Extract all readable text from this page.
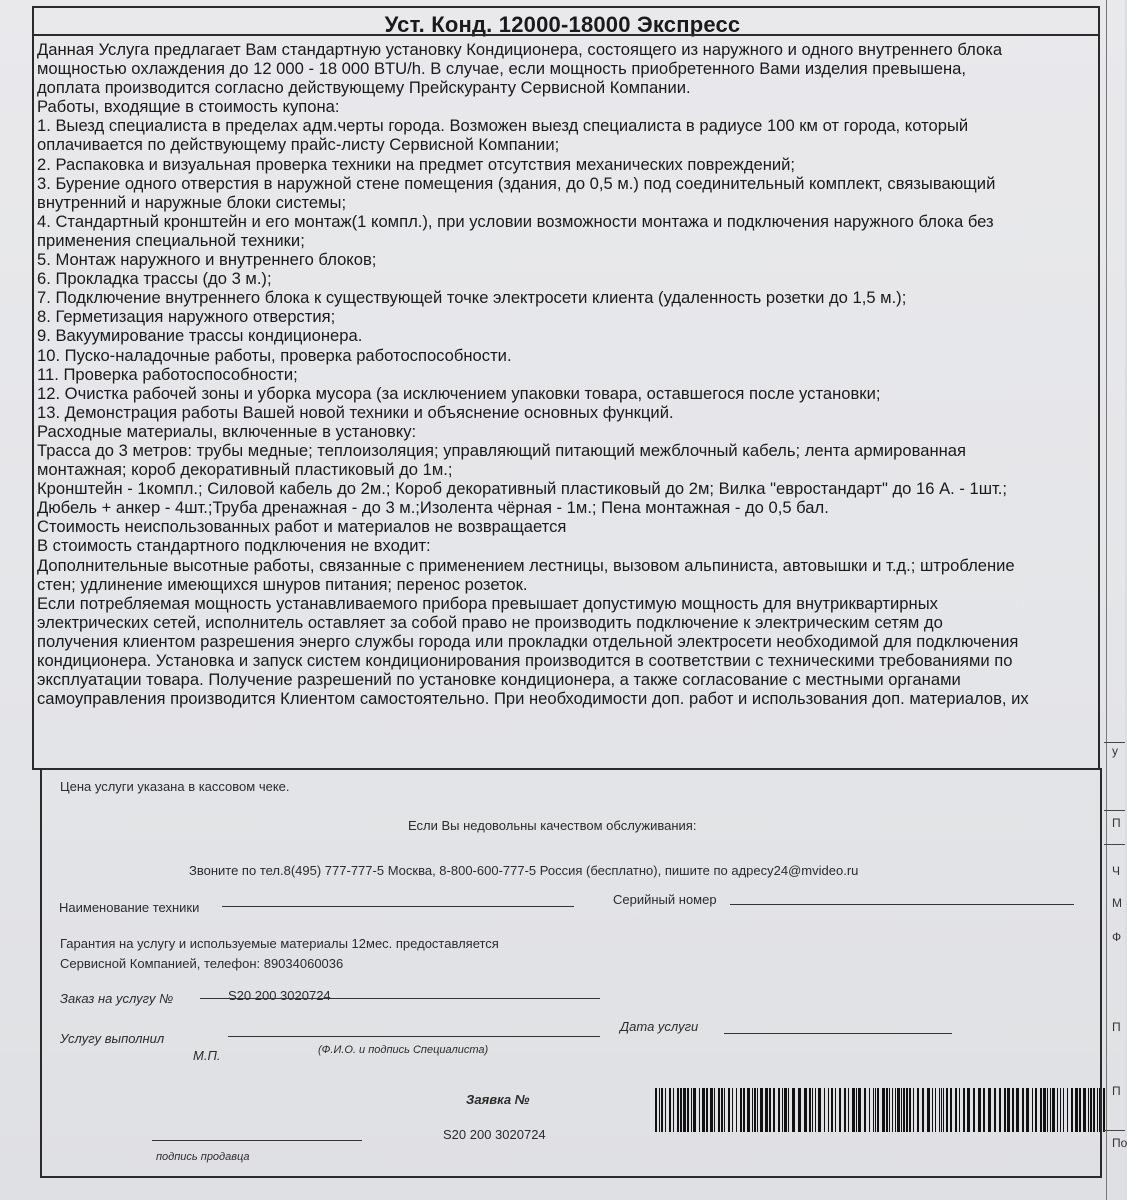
Уст. Конд. 12000-18000 Экспресс

Данная Услуга предлагает Вам стандартную установку Кондиционера, состоящего из наружного и одного внутреннего блока

мощностью охлаждения до 12 000 - 18 000 BTU/h. В случае, если мощность приобретенного Вами изделия превышена,

доплата производится согласно действующему Прейскуранту Сервисной Компании.

Работы, входящие в стоимость купона:

1. Выезд специалиста в пределах адм.черты города. Возможен выезд специалиста в радиусе 100 км от города, который

оплачивается по действующему прайс-листу Сервисной Компании;

2. Распаковка и визуальная проверка техники на предмет отсутствия механических повреждений;

3. Бурение одного отверстия в наружной стене помещения (здания, до 0,5 м.) под соединительный комплект, связывающий

внутренний и наружные блоки системы;

4. Стандартный кронштейн и его монтаж(1 компл.), при условии возможности монтажа и подключения наружного блока без

применения специальной техники;

5. Монтаж наружного и внутреннего блоков;

6. Прокладка трассы (до 3 м.);

7. Подключение внутреннего блока к существующей точке электросети клиента (удаленность розетки до 1,5 м.);

8. Герметизация наружного отверстия;

9. Вакуумирование трассы кондиционера.

10. Пуско-наладочные работы, проверка работоспособности.

11. Проверка работоспособности;

12. Очистка рабочей зоны и уборка мусора (за исключением упаковки товара, оставшегося после установки;

13. Демонстрация работы Вашей новой техники и объяснение основных функций.

Расходные материалы, включенные в установку:

Трасса до 3 метров: трубы медные; теплоизоляция; управляющий питающий межблочный кабель; лента армированная

монтажная; короб декоративный пластиковый до 1м.;

Кронштейн - 1компл.; Силовой кабель до 2м.; Короб декоративный пластиковый до 2м; Вилка "евростандарт" до 16 А. - 1шт.;

Дюбель + анкер - 4шт.;Труба дренажная - до 3 м.;Изолента чёрная - 1м.; Пена монтажная - до 0,5 бал.

Стоимость неиспользованных работ и материалов не возвращается

В стоимость стандартного подключения не входит:

Дополнительные высотные работы, связанные с применением лестницы, вызовом альпиниста, автовышки и т.д.; штробление

стен; удлинение имеющихся шнуров питания; перенос розеток.

Если потребляемая мощность устанавливаемого прибора превышает допустимую мощность для внутриквартирных

электрических сетей, исполнитель оставляет за собой право не производить подключение к электрическим сетям до

получения клиентом разрешения энерго службы города или прокладки отдельной электросети необходимой для подключения

кондиционера. Установка и запуск систем кондиционирования производится в соответствии с техническими требованиями по

эксплуатации товара. Получение разрешений по установке кондиционера, а также согласование с местными органами

самоуправления производится Клиентом самостоятельно. При необходимости доп. работ и использования доп. материалов, их

Цена услуги указана в кассовом чеке.
Если Вы недовольны качеством обслуживания:
Звоните по тел.8(495) 777-777-5 Москва, 8-800-600-777-5 Россия (бесплатно), пишите по адресу24@mvideo.ru
Наименование техники
Серийный номер
Гарантия на услугу и используемые материалы 12мес. предоставляется
Сервисной Компанией, телефон: 89034060036
Заказ на услугу №	S20 200 3020724
Услугу выполнил
Дата услуги
М.П.	(Ф.И.О. и подпись Специалиста)
Заявка №
S20 200 3020724
подпись продавца
у
П
Ч
М
Ф
П
П
По
